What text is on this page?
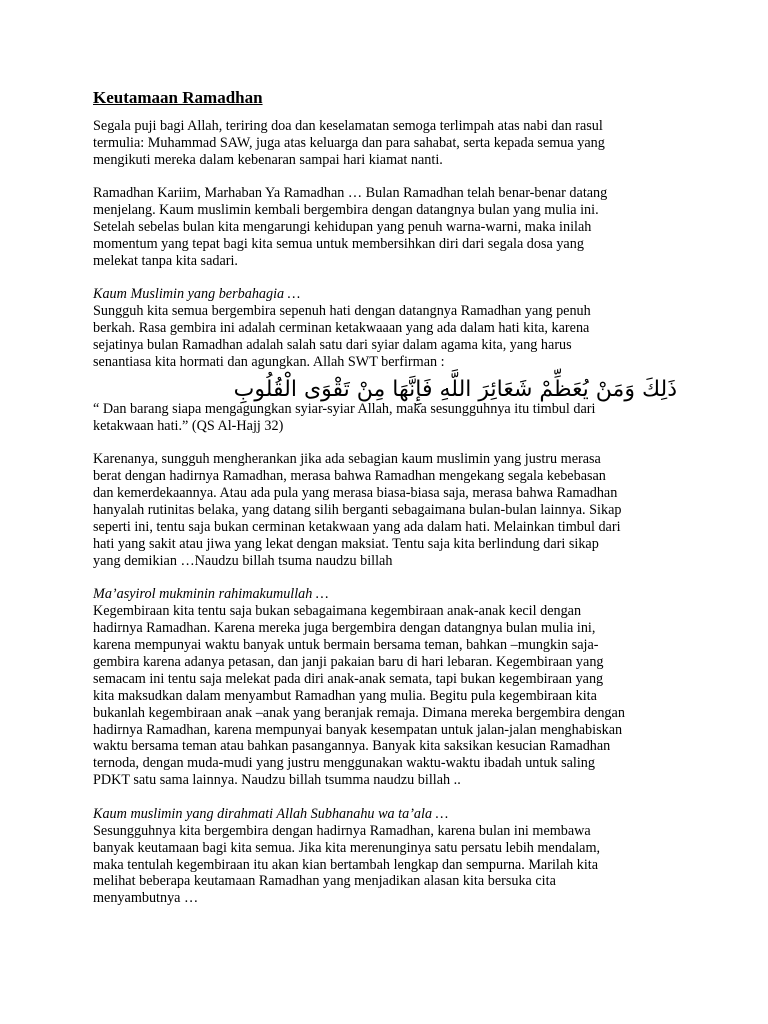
Keutamaan Ramadhan
Segala puji bagi Allah, teriring doa dan keselamatan semoga terlimpah atas nabi dan rasul
termulia: Muhammad SAW, juga atas keluarga dan para sahabat, serta kepada semua yang
mengikuti mereka dalam kebenaran sampai hari kiamat nanti.
Ramadhan Kariim, Marhaban Ya Ramadhan … Bulan Ramadhan telah benar-benar datang
menjelang. Kaum muslimin kembali bergembira dengan datangnya bulan yang mulia ini.
Setelah sebelas bulan kita mengarungi kehidupan yang penuh warna-warni, maka inilah
momentum yang tepat bagi kita semua untuk membersihkan diri dari segala dosa yang
melekat tanpa kita sadari.
Kaum Muslimin yang berbahagia …
Sungguh kita semua bergembira sepenuh hati dengan datangnya Ramadhan yang penuh
berkah. Rasa gembira ini adalah cerminan ketakwaaan yang ada dalam hati kita, karena
sejatinya bulan Ramadhan adalah salah satu dari syiar dalam agama kita, yang harus
senantiasa kita hormati dan agungkan. Allah SWT berfirman :
ذَلِكَ وَمَنْ يُعَظِّمْ شَعَائِرَ اللَّهِ فَإِنَّهَا مِنْ تَقْوَى الْقُلُوبِ
“ Dan barang siapa mengagungkan syiar-syiar Allah, maka sesungguhnya itu timbul dari
ketakwaan hati.” (QS Al-Hajj 32)
Karenanya, sungguh mengherankan jika ada sebagian kaum muslimin yang justru merasa
berat dengan hadirnya Ramadhan, merasa bahwa Ramadhan mengekang segala kebebasan
dan kemerdekaannya. Atau ada pula yang merasa biasa-biasa saja, merasa bahwa Ramadhan
hanyalah rutinitas belaka, yang datang silih berganti sebagaimana bulan-bulan lainnya. Sikap
seperti ini, tentu saja bukan cerminan ketakwaan yang ada dalam hati. Melainkan timbul dari
hati yang sakit atau jiwa yang lekat dengan maksiat. Tentu saja kita berlindung dari sikap
yang demikian …Naudzu billah tsuma naudzu billah
Ma’asyirol mukminin rahimakumullah …
Kegembiraan kita tentu saja bukan sebagaimana kegembiraan anak-anak kecil dengan
hadirnya Ramadhan. Karena mereka juga bergembira dengan datangnya bulan mulia ini,
karena mempunyai waktu banyak untuk bermain bersama teman, bahkan –mungkin saja-
gembira karena adanya petasan, dan janji pakaian baru di hari lebaran. Kegembiraan yang
semacam ini tentu saja melekat pada diri anak-anak semata, tapi bukan kegembiraan yang
kita maksudkan dalam menyambut Ramadhan yang mulia. Begitu pula kegembiraan kita
bukanlah kegembiraan anak –anak yang beranjak remaja. Dimana mereka bergembira dengan
hadirnya Ramadhan, karena mempunyai banyak kesempatan untuk jalan-jalan menghabiskan
waktu bersama teman atau bahkan pasangannya. Banyak kita saksikan kesucian Ramadhan
ternoda, dengan muda-mudi yang justru menggunakan waktu-waktu ibadah untuk saling
PDKT satu sama lainnya. Naudzu billah tsumma naudzu billah ..
Kaum muslimin yang dirahmati Allah Subhanahu wa ta’ala …
Sesungguhnya kita bergembira dengan hadirnya Ramadhan, karena bulan ini membawa
banyak keutamaan bagi kita semua. Jika kita merenunginya satu persatu lebih mendalam,
maka tentulah kegembiraan itu akan kian bertambah lengkap dan sempurna. Marilah kita
melihat beberapa keutamaan Ramadhan yang menjadikan alasan kita bersuka cita
menyambutnya …
